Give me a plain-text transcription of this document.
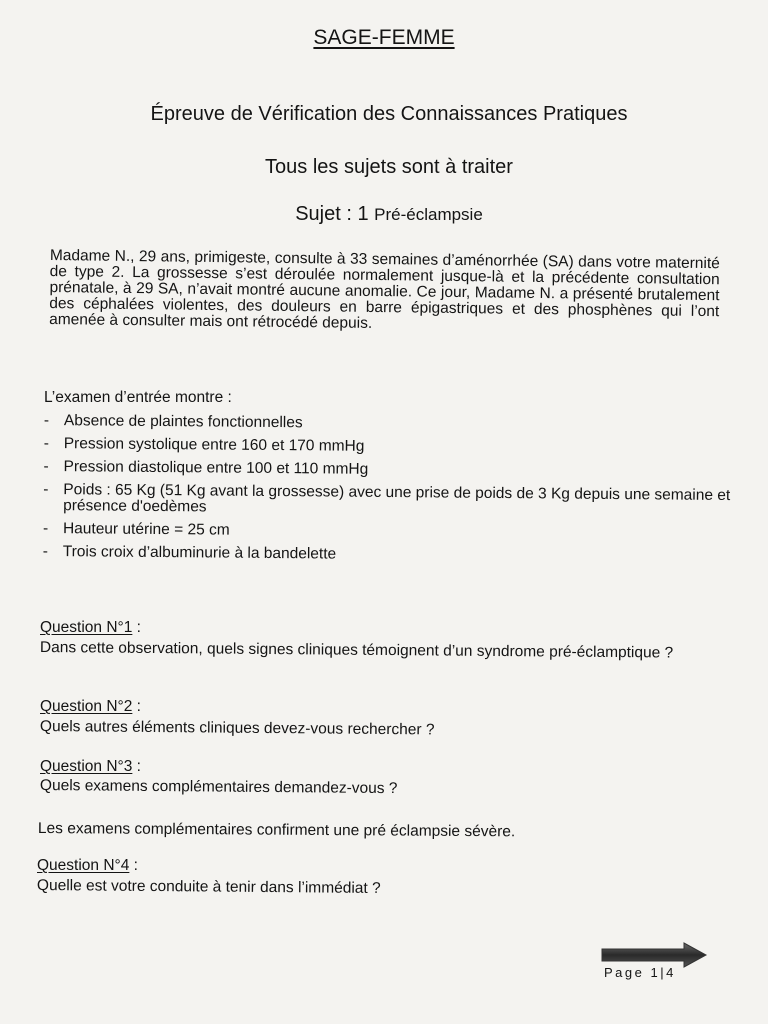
SAGE-FEMME
Épreuve de Vérification des Connaissances Pratiques
Tous les sujets sont à traiter
Sujet : 1 Pré-éclampsie
Madame N., 29 ans, primigeste, consulte à 33 semaines d’aménorrhée (SA) dans votre maternité de type 2. La grossesse s’est déroulée normalement jusque-là et la précédente consultation prénatale, à 29 SA, n’avait montré aucune anomalie. Ce jour, Madame N. a présenté brutalement des céphalées violentes, des douleurs en barre épigastriques et des phosphènes qui l’ont amenée à consulter mais ont rétrocédé depuis.
L’examen d’entrée montre :
- Absence de plaintes fonctionnelles
- Pression systolique entre 160 et 170 mmHg
- Pression diastolique entre 100 et 110 mmHg
- Poids : 65 Kg (51 Kg avant la grossesse) avec une prise de poids de 3 Kg depuis une semaine et présence d'oedèmes
- Hauteur utérine = 25 cm
- Trois croix d’albuminurie à la bandelette
Question N°1 :
Dans cette observation, quels signes cliniques témoignent d’un syndrome pré-éclamptique ?
Question N°2 :
Quels autres éléments cliniques devez-vous rechercher ?
Question N°3 :
Quels examens complémentaires demandez-vous ?
Les examens complémentaires confirment une pré éclampsie sévère.
Question N°4 :
Quelle est votre conduite à tenir dans l’immédiat ?
Page 1|4
